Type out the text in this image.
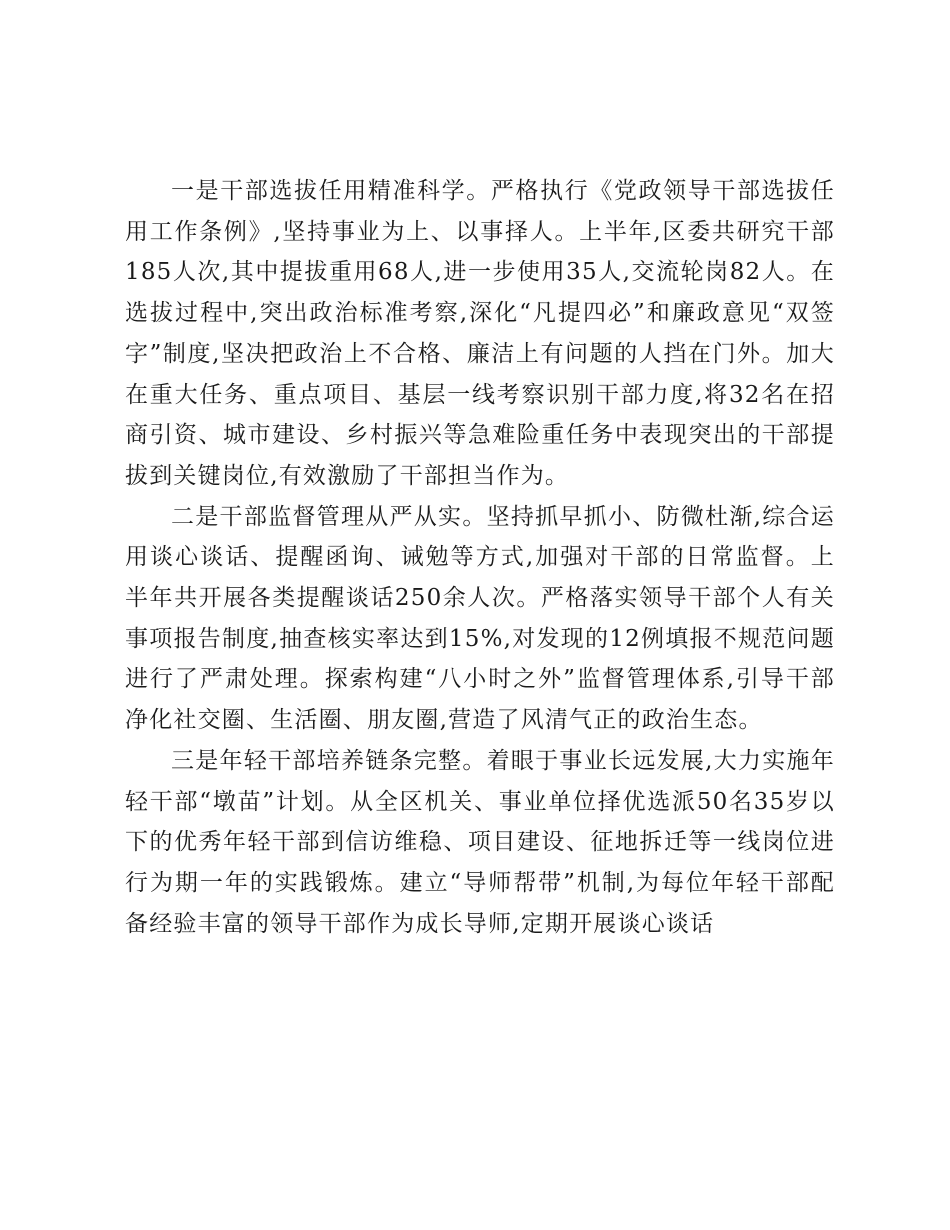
一是干部选拔任用精准科学。严格执行《党政领导干部选拔任用工作条例》,坚持事业为上、以事择人。上半年,区委共研究干部185人次,其中提拔重用68人,进一步使用35人,交流轮岗82人。在选拔过程中,突出政治标准考察,深化“凡提四必”和廉政意见“双签字”制度,坚决把政治上不合格、廉洁上有问题的人挡在门外。加大在重大任务、重点项目、基层一线考察识别干部力度,将32名在招商引资、城市建设、乡村振兴等急难险重任务中表现突出的干部提拔到关键岗位,有效激励了干部担当作为。

二是干部监督管理从严从实。坚持抓早抓小、防微杜渐,综合运用谈心谈话、提醒函询、诫勉等方式,加强对干部的日常监督。上半年共开展各类提醒谈话250余人次。严格落实领导干部个人有关事项报告制度,抽查核实率达到15%,对发现的12例填报不规范问题进行了严肃处理。探索构建“八小时之外”监督管理体系,引导干部净化社交圈、生活圈、朋友圈,营造了风清气正的政治生态。

三是年轻干部培养链条完整。着眼于事业长远发展,大力实施年轻干部“墩苗”计划。从全区机关、事业单位择优选派50名35岁以下的优秀年轻干部到信访维稳、项目建设、征地拆迁等一线岗位进行为期一年的实践锻炼。建立“导师帮带”机制,为每位年轻干部配备经验丰富的领导干部作为成长导师,定期开展谈心谈话
